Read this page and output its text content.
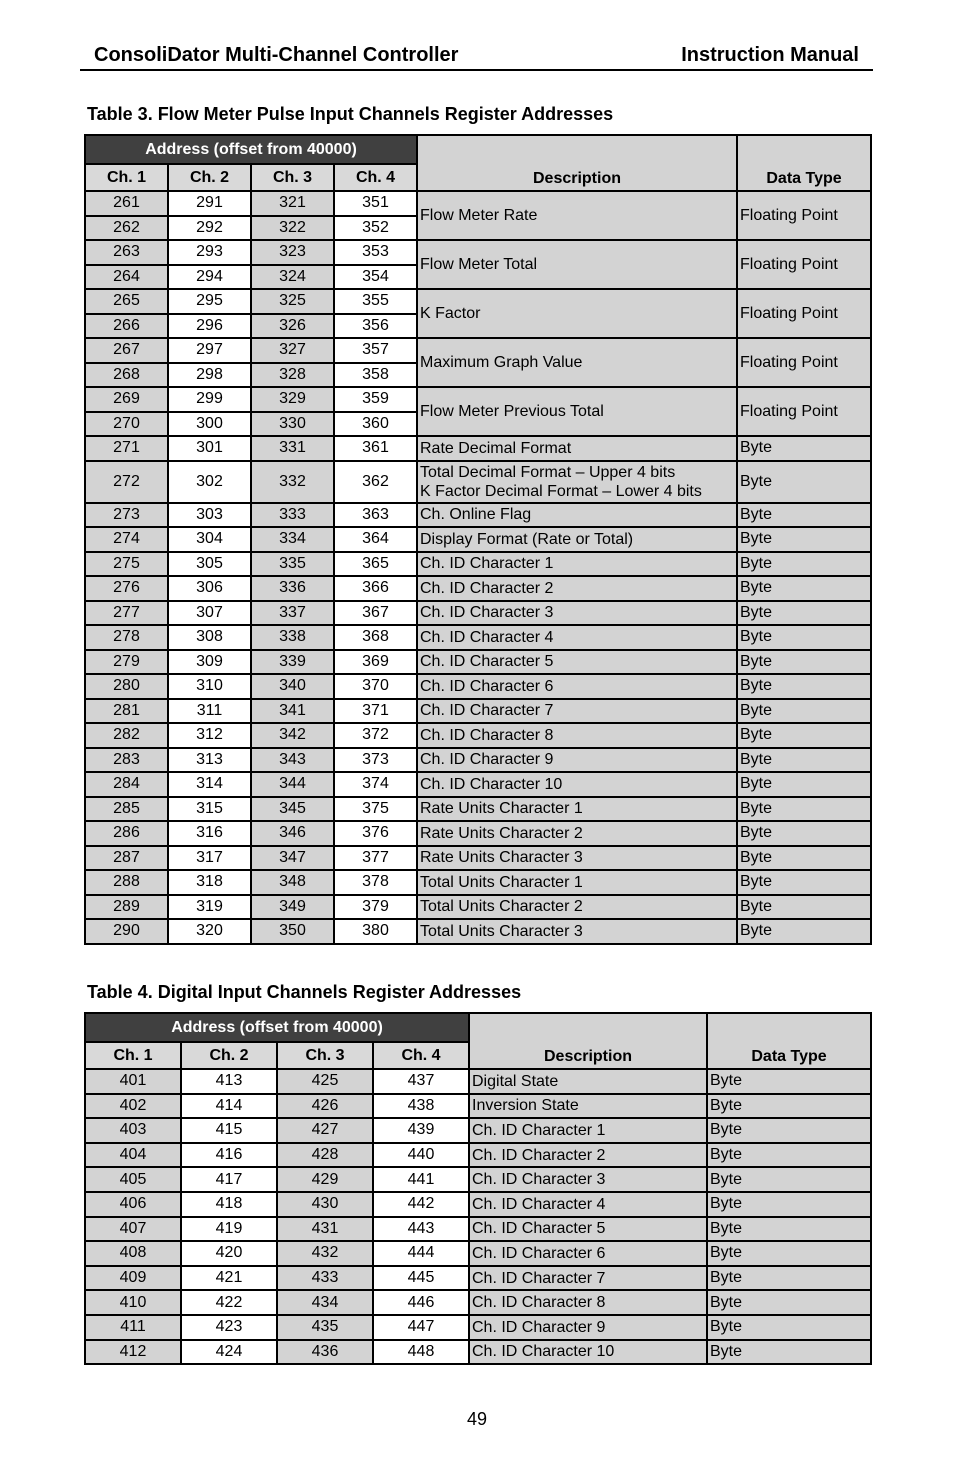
ConsoliDator Multi-Channel Controller	Instruction Manual
Table 3. Flow Meter Pulse Input Channels Register Addresses
Address (offset from 40000)				Description	Data Type
Ch. 1	Ch. 2	Ch. 3	Ch. 4		
261	291	321	351	Flow Meter Rate	Floating Point
262	292	322	352		
263	293	323	353	Flow Meter Total	Floating Point
264	294	324	354		
265	295	325	355	K Factor	Floating Point
266	296	326	356		
267	297	327	357	Maximum Graph Value	Floating Point
268	298	328	358		
269	299	329	359	Flow Meter Previous Total	Floating Point
270	300	330	360		
271	301	331	361	Rate Decimal Format	Byte
272	302	332	362	Total Decimal Format – Upper 4 bits
K Factor Decimal Format – Lower 4 bits	Byte
273	303	333	363	Ch. Online Flag	Byte
274	304	334	364	Display Format (Rate or Total)	Byte
275	305	335	365	Ch. ID Character 1	Byte
276	306	336	366	Ch. ID Character 2	Byte
277	307	337	367	Ch. ID Character 3	Byte
278	308	338	368	Ch. ID Character 4	Byte
279	309	339	369	Ch. ID Character 5	Byte
280	310	340	370	Ch. ID Character 6	Byte
281	311	341	371	Ch. ID Character 7	Byte
282	312	342	372	Ch. ID Character 8	Byte
283	313	343	373	Ch. ID Character 9	Byte
284	314	344	374	Ch. ID Character 10	Byte
285	315	345	375	Rate Units Character 1	Byte
286	316	346	376	Rate Units Character 2	Byte
287	317	347	377	Rate Units Character 3	Byte
288	318	348	378	Total Units Character 1	Byte
289	319	349	379	Total Units Character 2	Byte
290	320	350	380	Total Units Character 3	Byte
Table 4. Digital Input Channels Register Addresses
Address (offset from 40000)				Description	Data Type
Ch. 1	Ch. 2	Ch. 3	Ch. 4		
401	413	425	437	Digital State	Byte
402	414	426	438	Inversion State	Byte
403	415	427	439	Ch. ID Character 1	Byte
404	416	428	440	Ch. ID Character 2	Byte
405	417	429	441	Ch. ID Character 3	Byte
406	418	430	442	Ch. ID Character 4	Byte
407	419	431	443	Ch. ID Character 5	Byte
408	420	432	444	Ch. ID Character 6	Byte
409	421	433	445	Ch. ID Character 7	Byte
410	422	434	446	Ch. ID Character 8	Byte
411	423	435	447	Ch. ID Character 9	Byte
412	424	436	448	Ch. ID Character 10	Byte
49
